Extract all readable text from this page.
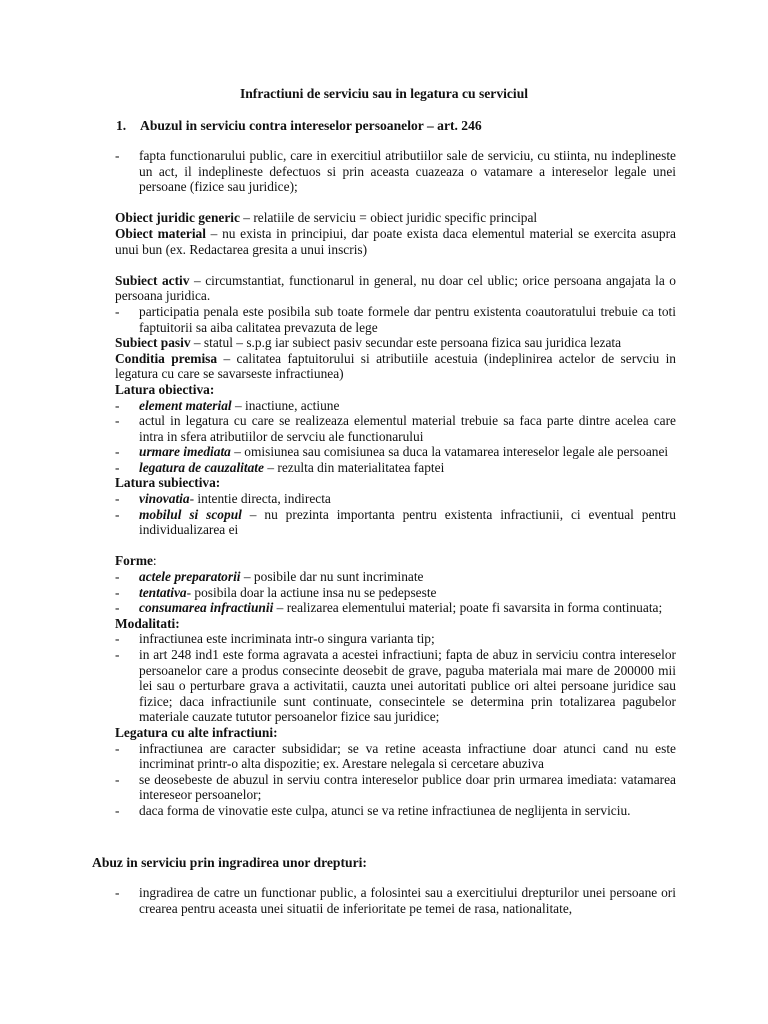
Infractiuni de serviciu sau in legatura cu serviciul
1. Abuzul in serviciu contra intereselor persoanelor – art. 246

- fapta functionarului public, care in exercitiul atributiilor sale de serviciu, cu stiinta, nu indeplineste un act, il indeplineste defectuos si prin aceasta cuazeaza o vatamare a intereselor legale unei persoane (fizice sau juridice);

Obiect juridic generic – relatiile de serviciu = obiect juridic specific principal

Obiect material – nu exista in principiui, dar poate exista daca elementul material se exercita asupra unui bun (ex. Redactarea gresita a unui inscris)

Subiect activ – circumstantiat, functionarul in general, nu doar cel ublic; orice persoana angajata la o persoana juridica.

- participatia penala este posibila sub toate formele dar pentru existenta coautoratului trebuie ca toti faptuitorii sa aiba calitatea prevazuta de lege

Subiect pasiv – statul – s.p.g iar subiect pasiv secundar este persoana fizica sau juridica lezata

Conditia premisa – calitatea faptuitorului si atributiile acestuia (indeplinirea actelor de servciu in legatura cu care se savarseste infractiunea)

Latura obiectiva:

- element material – inactiune, actiune

- actul in legatura cu care se realizeaza elementul material trebuie sa faca parte dintre acelea care intra in sfera atributiilor de servciu ale functionarului

- urmare imediata – omisiunea sau comisiunea sa duca la vatamarea intereselor legale ale persoanei

- legatura de cauzalitate – rezulta din materialitatea faptei

Latura subiectiva:

- vinovatia- intentie directa, indirecta

- mobilul si scopul – nu prezinta importanta pentru existenta infractiunii, ci eventual pentru individualizarea ei

Forme:

- actele preparatorii – posibile dar nu sunt incriminate

- tentativa- posibila doar la actiune insa nu se pedepseste

- consumarea infractiunii – realizarea elementului material; poate fi savarsita in forma continuata;

Modalitati:

- infractiunea este incriminata intr-o singura varianta tip;

- in art 248 ind1 este forma agravata a acestei infractiuni; fapta de abuz in serviciu contra intereselor persoanelor care a produs consecinte deosebit de grave, paguba materiala mai mare de 200000 mii lei sau o perturbare grava a activitatii, cauzta unei autoritati publice ori altei persoane juridice sau fizice; daca infractiunile sunt continuate, consecintele se determina prin totalizarea pagubelor materiale cauzate tututor persoanelor fizice sau juridice;

Legatura cu alte infractiuni:

- infractiunea are caracter subsididar; se va retine aceasta infractiune doar atunci cand nu este incriminat printr-o alta dispozitie; ex. Arestare nelegala si cercetare abuziva

- se deosebeste de abuzul in serviu contra intereselor publice doar prin urmarea imediata: vatamarea intereseor persoanelor;

- daca forma de vinovatie este culpa, atunci se va retine infractiunea de neglijenta in serviciu.

Abuz in serviciu prin ingradirea unor drepturi:

- ingradirea de catre un functionar public, a folosintei sau a exercitiului drepturilor unei persoane ori crearea pentru aceasta unei situatii de inferioritate pe temei de rasa, nationalitate,
